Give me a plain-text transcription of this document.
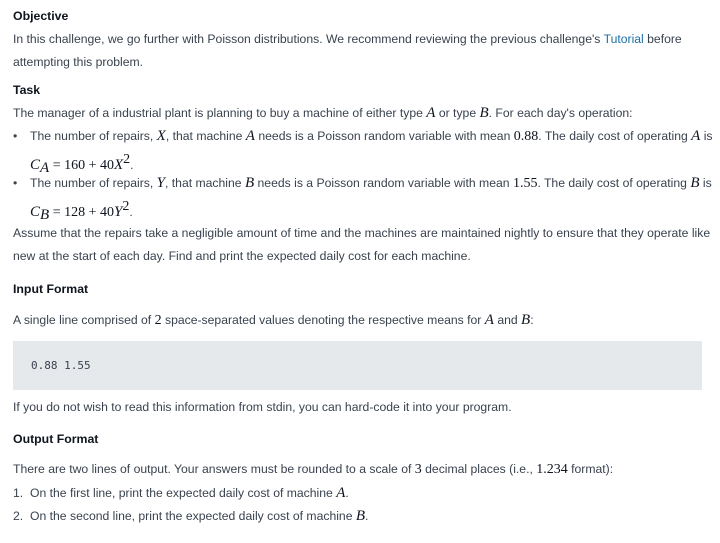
Objective
In this challenge, we go further with Poisson distributions. We recommend reviewing the previous challenge's Tutorial before
attempting this problem.
Task
The manager of a industrial plant is planning to buy a machine of either type A or type B. For each day's operation:
• The number of repairs, X, that machine A needs is a Poisson random variable with mean 0.88. The daily cost of operating A is
$C_A = 160 + 40X^2$.
• The number of repairs, Y, that machine B needs is a Poisson random variable with mean 1.55. The daily cost of operating B is
$C_B = 128 + 40Y^2$.
Assume that the repairs take a negligible amount of time and the machines are maintained nightly to ensure that they operate like
new at the start of each day. Find and print the expected daily cost for each machine.
Input Format
A single line comprised of 2 space-separated values denoting the respective means for A and B:
0.88 1.55
If you do not wish to read this information from stdin, you can hard-code it into your program.
Output Format
There are two lines of output. Your answers must be rounded to a scale of 3 decimal places (i.e., 1.234 format):
1. On the first line, print the expected daily cost of machine A.
2. On the second line, print the expected daily cost of machine B.
